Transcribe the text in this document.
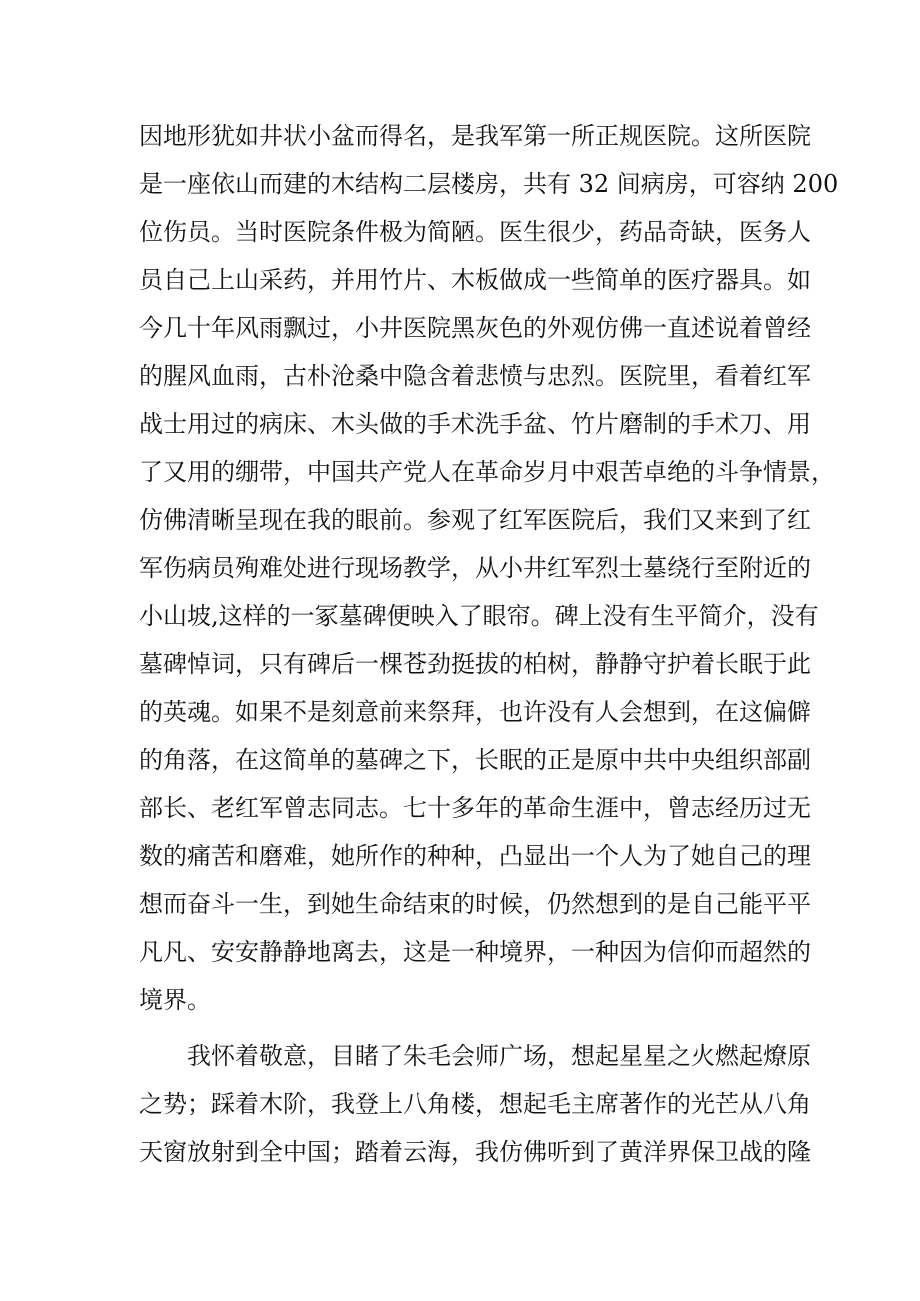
因地形犹如井状小盆而得名，是我军第一所正规医院。这所医院
是一座依山而建的木结构二层楼房，共有 32 间病房，可容纳 200
位伤员。当时医院条件极为简陋。医生很少，药品奇缺，医务人
员自己上山采药，并用竹片、木板做成一些简单的医疗器具。如
今几十年风雨飘过，小井医院黑灰色的外观仿佛一直述说着曾经
的腥风血雨，古朴沧桑中隐含着悲愤与忠烈。医院里，看着红军
战士用过的病床、木头做的手术洗手盆、竹片磨制的手术刀、用
了又用的绷带，中国共产党人在革命岁月中艰苦卓绝的斗争情景，
仿佛清晰呈现在我的眼前。参观了红军医院后，我们又来到了红
军伤病员殉难处进行现场教学，从小井红军烈士墓绕行至附近的
小山坡,这样的一冢墓碑便映入了眼帘。碑上没有生平简介，没有
墓碑悼词，只有碑后一棵苍劲挺拔的柏树，静静守护着长眠于此
的英魂。如果不是刻意前来祭拜，也许没有人会想到，在这偏僻
的角落，在这简单的墓碑之下，长眠的正是原中共中央组织部副
部长、老红军曾志同志。七十多年的革命生涯中，曾志经历过无
数的痛苦和磨难，她所作的种种，凸显出一个人为了她自己的理
想而奋斗一生，到她生命结束的时候，仍然想到的是自己能平平
凡凡、安安静静地离去，这是一种境界，一种因为信仰而超然的
境界。
我怀着敬意，目睹了朱毛会师广场，想起星星之火燃起燎原
之势；踩着木阶，我登上八角楼，想起毛主席著作的光芒从八角
天窗放射到全中国；踏着云海，我仿佛听到了黄洋界保卫战的隆
